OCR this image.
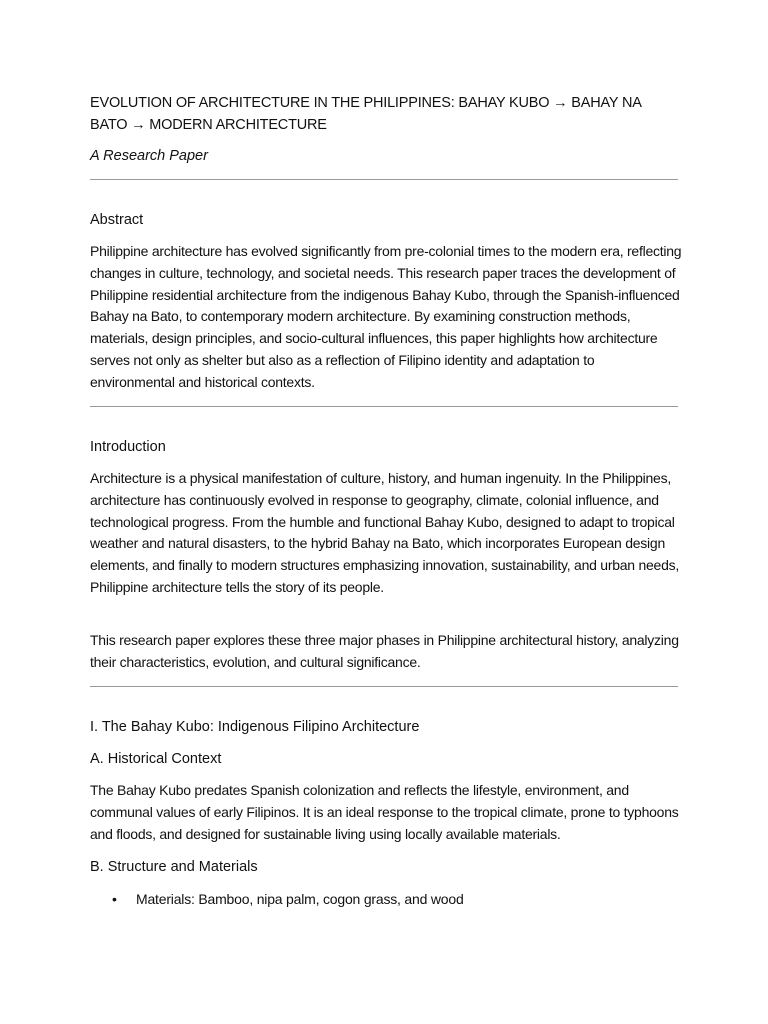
EVOLUTION OF ARCHITECTURE IN THE PHILIPPINES: BAHAY KUBO → BAHAY NA BATO → MODERN ARCHITECTURE
A Research Paper
Abstract
Philippine architecture has evolved significantly from pre-colonial times to the modern era, reflecting changes in culture, technology, and societal needs. This research paper traces the development of Philippine residential architecture from the indigenous Bahay Kubo, through the Spanish-influenced Bahay na Bato, to contemporary modern architecture. By examining construction methods, materials, design principles, and socio-cultural influences, this paper highlights how architecture serves not only as shelter but also as a reflection of Filipino identity and adaptation to environmental and historical contexts.
Introduction
Architecture is a physical manifestation of culture, history, and human ingenuity. In the Philippines, architecture has continuously evolved in response to geography, climate, colonial influence, and technological progress. From the humble and functional Bahay Kubo, designed to adapt to tropical weather and natural disasters, to the hybrid Bahay na Bato, which incorporates European design elements, and finally to modern structures emphasizing innovation, sustainability, and urban needs, Philippine architecture tells the story of its people.
This research paper explores these three major phases in Philippine architectural history, analyzing their characteristics, evolution, and cultural significance.
I. The Bahay Kubo: Indigenous Filipino Architecture
A. Historical Context
The Bahay Kubo predates Spanish colonization and reflects the lifestyle, environment, and communal values of early Filipinos. It is an ideal response to the tropical climate, prone to typhoons and floods, and designed for sustainable living using locally available materials.
B. Structure and Materials
• Materials: Bamboo, nipa palm, cogon grass, and wood
